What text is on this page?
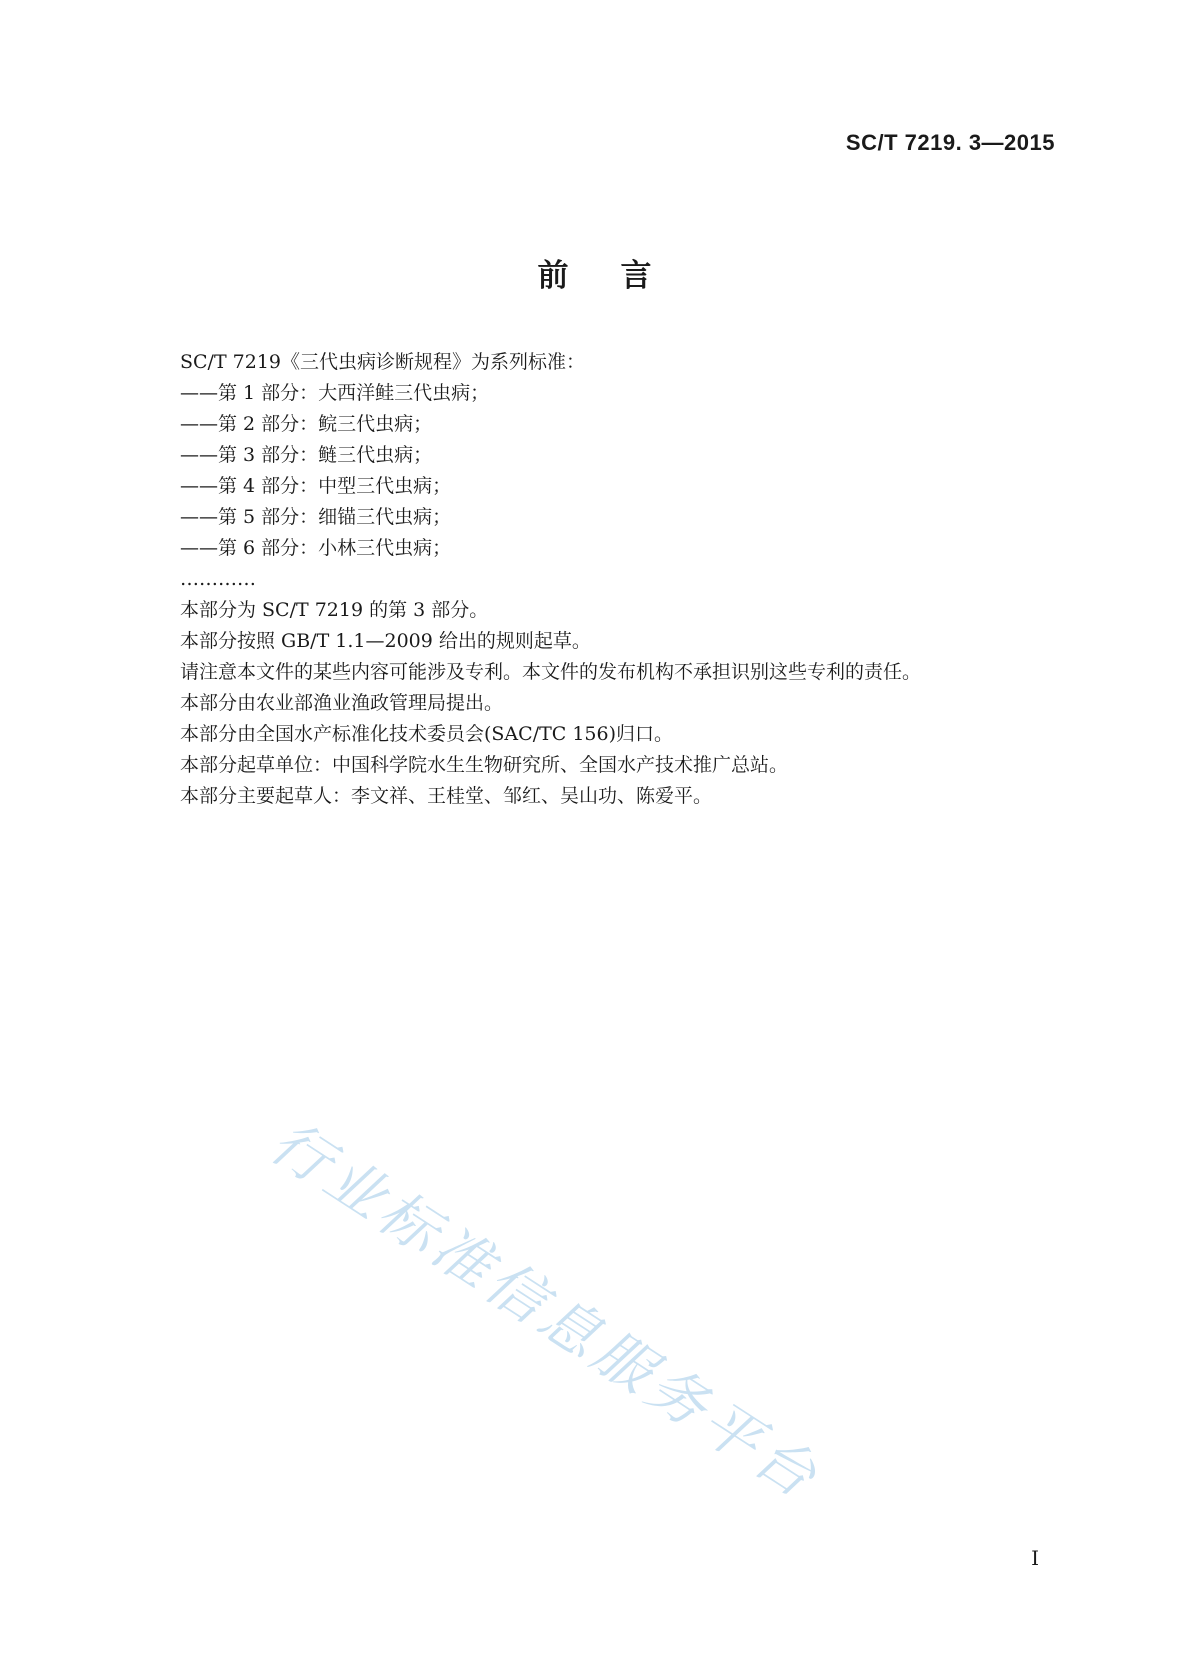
SC/T 7219. 3—2015
前言
SC/T 7219《三代虫病诊断规程》为系列标准：
——第 1 部分：大西洋鲑三代虫病；
——第 2 部分：鲩三代虫病；
——第 3 部分：鲢三代虫病；
——第 4 部分：中型三代虫病；
——第 5 部分：细锚三代虫病；
——第 6 部分：小林三代虫病；
…………
本部分为 SC/T 7219 的第 3 部分。
本部分按照 GB/T 1.1—2009 给出的规则起草。
请注意本文件的某些内容可能涉及专利。本文件的发布机构不承担识别这些专利的责任。
本部分由农业部渔业渔政管理局提出。
本部分由全国水产标准化技术委员会(SAC/TC 156)归口。
本部分起草单位：中国科学院水生生物研究所、全国水产技术推广总站。
本部分主要起草人：李文祥、王桂堂、邹红、吴山功、陈爱平。
行业标准信息服务平台
I
